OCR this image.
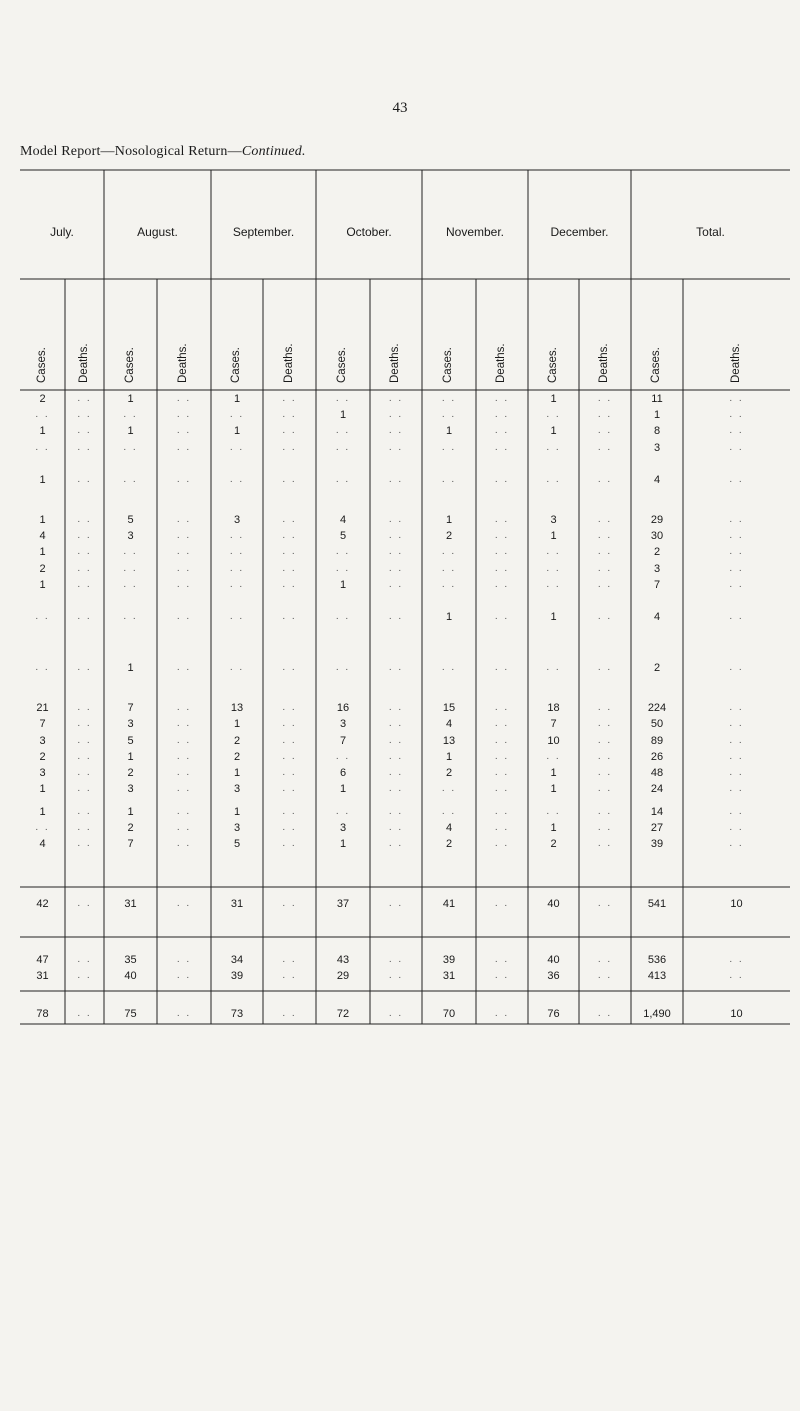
43
Model Report—Nosological Return—Continued.
July.	August.	September.	October.	November.	December.	Total.
Cases.	Deaths.	Cases.	Deaths.	Cases.	Deaths.	Cases.	Deaths.	Cases.	Deaths.	Cases.	Deaths.	Cases.	Deaths.
2	. .	1	. .	1	. .	. .	. .	. .	. .	1	. .	11	. .
. .	. .	. .	. .	. .	. .	1	. .	. .	. .	. .	. .	1	. .
1	. .	1	. .	1	. .	. .	. .	1	. .	1	. .	8	. .
. .	. .	. .	. .	. .	. .	. .	. .	. .	. .	. .	. .	3	. .
1	. .	. .	. .	. .	. .	. .	. .	. .	. .	. .	. .	4	. .
1	. .	5	. .	3	. .	4	. .	1	. .	3	. .	29	. .
4	. .	3	. .	. .	. .	5	. .	2	. .	1	. .	30	. .
1	. .	. .	. .	. .	. .	. .	. .	. .	. .	. .	. .	2	. .
2	. .	. .	. .	. .	. .	. .	. .	. .	. .	. .	. .	3	. .
1	. .	. .	. .	. .	. .	1	. .	. .	. .	. .	. .	7	. .
. .	. .	. .	. .	. .	. .	. .	. .	1	. .	1	. .	4	. .
. .	. .	1	. .	. .	. .	. .	. .	. .	. .	. .	. .	2	. .
21	. .	7	. .	13	. .	16	. .	15	. .	18	. .	224	. .
7	. .	3	. .	1	. .	3	. .	4	. .	7	. .	50	. .
3	. .	5	. .	2	. .	7	. .	13	. .	10	. .	89	. .
2	. .	1	. .	2	. .	. .	. .	1	. .	. .	. .	26	. .
3	. .	2	. .	1	. .	6	. .	2	. .	1	. .	48	. .
1	. .	3	. .	3	. .	1	. .	. .	. .	1	. .	24	. .
1	. .	1	. .	1	. .	. .	. .	. .	. .	. .	. .	14	. .
. .	. .	2	. .	3	. .	3	. .	4	. .	1	. .	27	. .
4	. .	7	. .	5	. .	1	. .	2	. .	2	. .	39	. .
42	. .	31	. .	31	. .	37	. .	41	. .	40	. .	541	10
47	. .	35	. .	34	. .	43	. .	39	. .	40	. .	536	. .
31	. .	40	. .	39	. .	29	. .	31	. .	36	. .	413	. .
78	. .	75	. .	73	. .	72	. .	70	. .	76	. .	1,490	10
